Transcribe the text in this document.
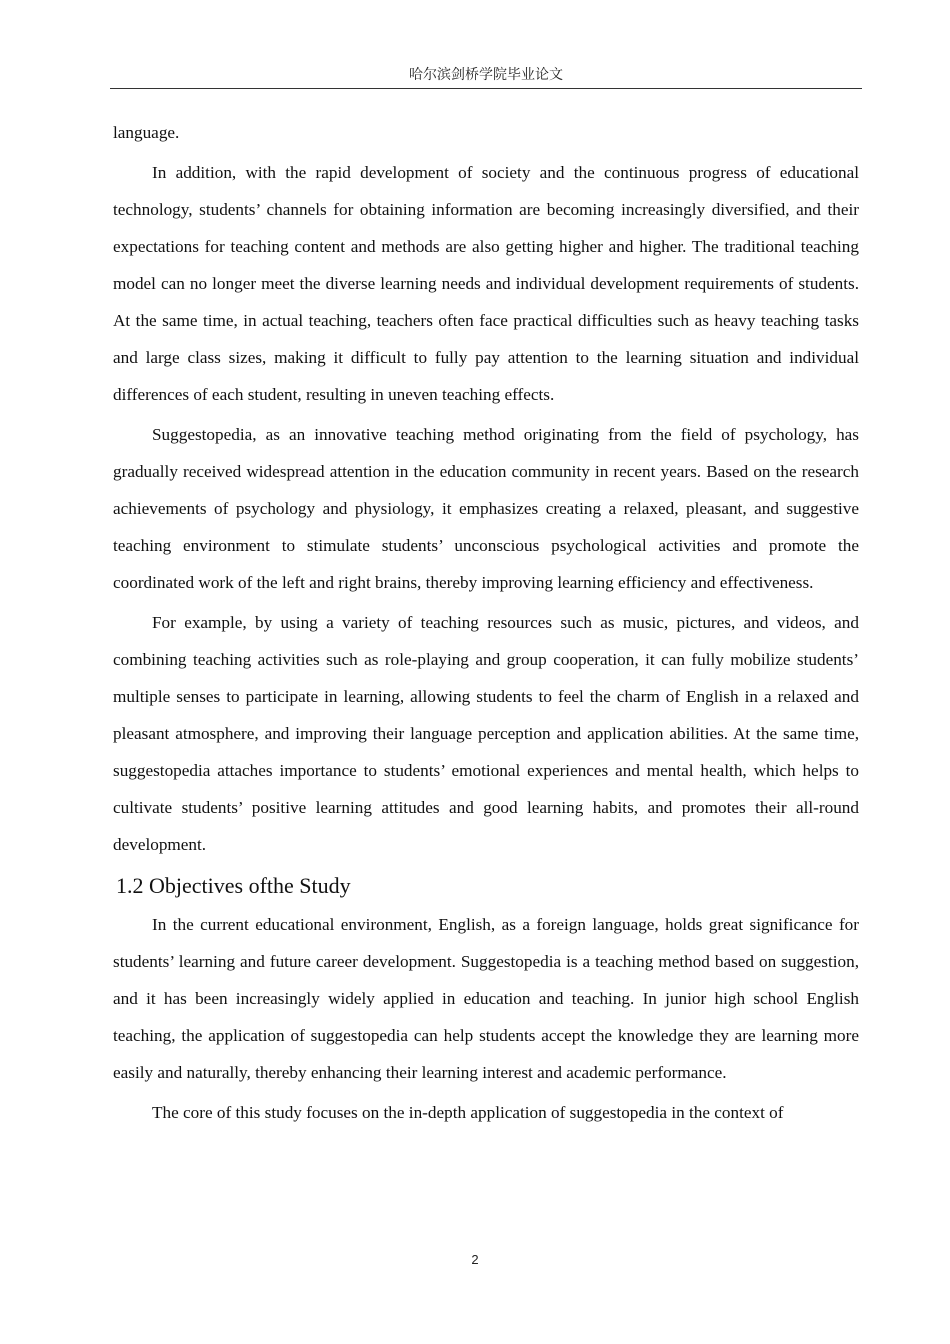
哈尔滨剑桥学院毕业论文

language.

In addition, with the rapid development of society and the continuous progress of educational technology, students’ channels for obtaining information are becoming increasingly diversified, and their expectations for teaching content and methods are also getting higher and higher. The traditional teaching model can no longer meet the diverse learning needs and individual development requirements of students. At the same time, in actual teaching, teachers often face practical difficulties such as heavy teaching tasks and large class sizes, making it difficult to fully pay attention to the learning situation and individual differences of each student, resulting in uneven teaching effects.

Suggestopedia, as an innovative teaching method originating from the field of psychology, has gradually received widespread attention in the education community in recent years. Based on the research achievements of psychology and physiology, it emphasizes creating a relaxed, pleasant, and suggestive teaching environment to stimulate students’ unconscious psychological activities and promote the coordinated work of the left and right brains, thereby improving learning efficiency and effectiveness.

For example, by using a variety of teaching resources such as music, pictures, and videos, and combining teaching activities such as role-playing and group cooperation, it can fully mobilize students’ multiple senses to participate in learning, allowing students to feel the charm of English in a relaxed and pleasant atmosphere, and improving their language perception and application abilities. At the same time, suggestopedia attaches importance to students’ emotional experiences and mental health, which helps to cultivate students’ positive learning attitudes and good learning habits, and promotes their all-round development.

1.2 Objectives ofthe Study

In the current educational environment, English, as a foreign language, holds great significance for students’ learning and future career development. Suggestopedia is a teaching method based on suggestion, and it has been increasingly widely applied in education and teaching. In junior high school English teaching, the application of suggestopedia can help students accept the knowledge they are learning more easily and naturally, thereby enhancing their learning interest and academic performance.

The core of this study focuses on the in-depth application of suggestopedia in the context of

2
